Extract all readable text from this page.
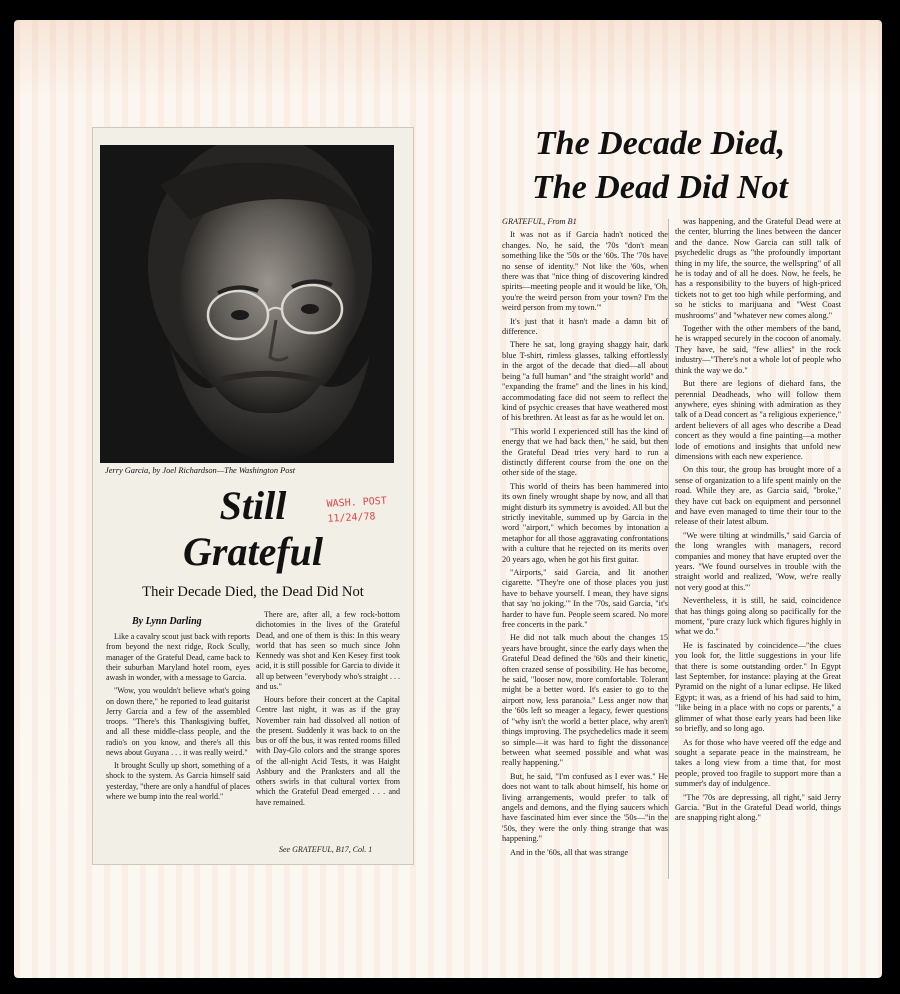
Jerry Garcia, by Joel Richardson—The Washington Post
WASH. POST
11/24/78
Still
Grateful
Their Decade Died, the Dead Did Not
By Lynn Darling

Like a cavalry scout just back with reports from beyond the next ridge, Rock Scully, manager of the Grateful Dead, came back to their suburban Maryland hotel room, eyes awash in wonder, with a message to Garcia.

"Wow, you wouldn't believe what's going on down there," he reported to lead guitarist Jerry Garcia and a few of the assembled troops. "There's this Thanksgiving buffet, and all these middle-class people, and the radio's on you know, and there's all this news about Guyana . . . it was really weird."

It brought Scully up short, something of a shock to the system. As Garcia himself said yesterday, "there are only a handful of places where we bump into the real world."

There are, after all, a few rock-bottom dichotomies in the lives of the Grateful Dead, and one of them is this: In this weary world that has seen so much since John Kennedy was shot and Ken Kesey first took acid, it is still possible for Garcia to divide it all up between "everybody who's straight . . . and us."

Hours before their concert at the Capital Centre last night, it was as if the gray November rain had dissolved all notion of the present. Suddenly it was back to on the bus or off the bus, it was rented rooms filled with Day-Glo colors and the strange spores of the all-night Acid Tests, it was Haight Ashbury and the Pranksters and all the others swirls in that cultural vortex from which the Grateful Dead emerged . . . and have remained.

See GRATEFUL, B17, Col. 1
The Decade Died,
The Dead Did Not

GRATEFUL, From B1

It was not as if Garcia hadn't noticed the changes. No, he said, the '70s "don't mean something like the '50s or the '60s. The '70s have no sense of identity." Not like the '60s, when there was that "nice thing of discovering kindred spirits—meeting people and it would be like, 'Oh, you're the weird person from your town? I'm the weird person from my town.'"

It's just that it hasn't made a damn bit of difference.

There he sat, long graying shaggy hair, dark blue T-shirt, rimless glasses, talking effortlessly in the argot of the decade that died—all about being "a full human" and "the straight world" and "expanding the frame" and the lines in his kind, accommodating face did not seem to reflect the kind of psychic creases that have weathered most of his brethren. At least as far as he would let on.

"This world I experienced still has the kind of energy that we had back then," he said, but then the Grateful Dead tries very hard to run a distinctly different course from the one on the other side of the stage.

This world of theirs has been hammered into its own finely wrought shape by now, and all that might disturb its symmetry is avoided. All but the strictly inevitable, summed up by Garcia in the word "airport," which becomes by intonation a metaphor for all those aggravating confrontations with a culture that he rejected on its merits over 20 years ago, when he got his first guitar.

"Airports," said Garcia, and lit another cigarette. "They're one of those places you just have to behave yourself. I mean, they have signs that say 'no joking.'" In the '70s, said Garcia, "it's harder to have fun. People seem scared. No more free concerts in the park."

He did not talk much about the changes 15 years have brought, since the early days when the Grateful Dead defined the '60s and their kinetic, often crazed sense of possibility. He has become, he said, "looser now, more comfortable. Tolerant might be a better word. It's easier to go to the airport now, less paranoia." Less anger now that the '60s left so meager a legacy, fewer questions of "why isn't the world a better place, why aren't things improving. The psychedelics made it seem so simple—it was hard to fight the dissonance between what seemed possible and what was really happening."

But, he said, "I'm confused as I ever was." He does not want to talk about himself, his home or living arrangements, would prefer to talk of angels and demons, and the flying saucers which have fascinated him ever since the '50s—"in the '50s, they were the only thing strange that was happening."

And in the '60s, all that was strange

was happening, and the Grateful Dead were at the center, blurring the lines between the dancer and the dance. Now Garcia can still talk of psychedelic drugs as "the profoundly important thing in my life, the source, the wellspring" of all he is today and of all he does. Now, he feels, he has a responsibility to the buyers of high-priced tickets not to get too high while performing, and so he sticks to marijuana and "West Coast mushrooms" and "whatever new comes along."

Together with the other members of the band, he is wrapped securely in the cocoon of anomaly. They have, he said, "few allies" in the rock industry—"There's not a whole lot of people who think the way we do."

But there are legions of diehard fans, the perennial Deadheads, who will follow them anywhere, eyes shining with admiration as they talk of a Dead concert as "a religious experience," ardent believers of all ages who describe a Dead concert as they would a fine painting—a mother lode of emotions and insights that unfold new dimensions with each new experience.

On this tour, the group has brought more of a sense of organization to a life spent mainly on the road. While they are, as Garcia said, "broke," they have cut back on equipment and personnel and have even managed to time their tour to the release of their latest album.

"We were tilting at windmills," said Garcia of the long wrangles with managers, record companies and money that have erupted over the years. "We found ourselves in trouble with the straight world and realized, 'Wow, we're really not very good at this.'"

Nevertheless, it is still, he said, coincidence that has things going along so pacifically for the moment, "pure crazy luck which figures highly in what we do."

He is fascinated by coincidence—"the clues you look for, the little suggestions in your life that there is some outstanding order." In Egypt last September, for instance: playing at the Great Pyramid on the night of a lunar eclipse. He liked Egypt; it was, as a friend of his had said to him, "like being in a place with no cops or parents," a glimmer of what those early years had been like so briefly, and so long ago.

As for those who have veered off the edge and sought a separate peace in the mainstream, he takes a long view from a time that, for most people, proved too fragile to support more than a summer's day of indulgence.

"The '70s are depressing, all right," said Jerry Garcia. "But in the Grateful Dead world, things are snapping right along."
